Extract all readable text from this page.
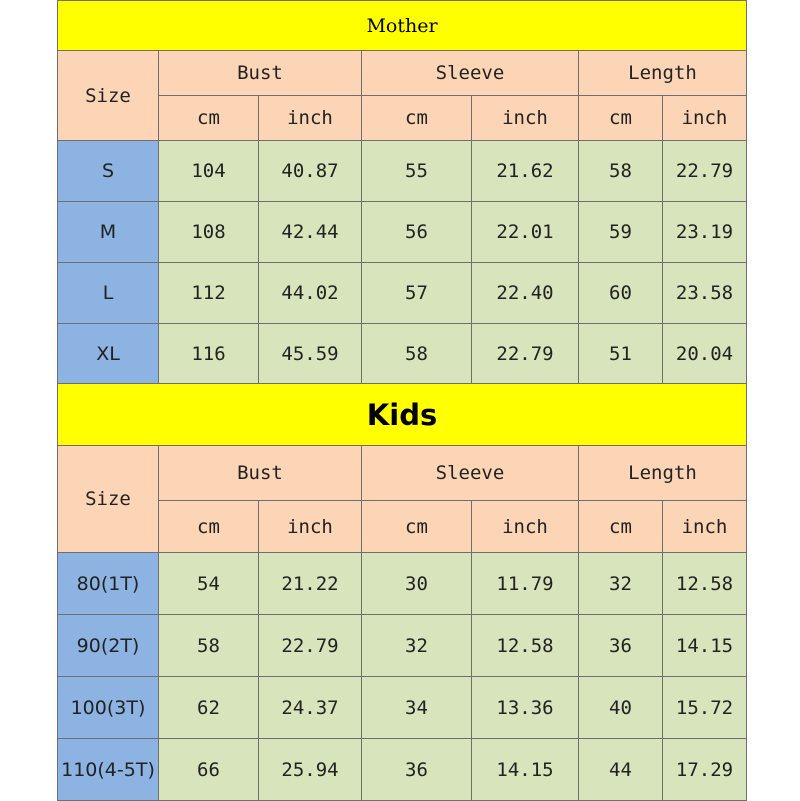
Mother						
Size	Bust		Sleeve		Length	
	cm	inch	cm	inch	cm	inch
S	104	40.87	55	21.62	58	22.79
M	108	42.44	56	22.01	59	23.19
L	112	44.02	57	22.40	60	23.58
XL	116	45.59	58	22.79	51	20.04
Kids						
Size	Bust		Sleeve		Length	
	cm	inch	cm	inch	cm	inch
80(1T)	54	21.22	30	11.79	32	12.58
90(2T)	58	22.79	32	12.58	36	14.15
100(3T)	62	24.37	34	13.36	40	15.72
110(4-5T)	66	25.94	36	14.15	44	17.29
